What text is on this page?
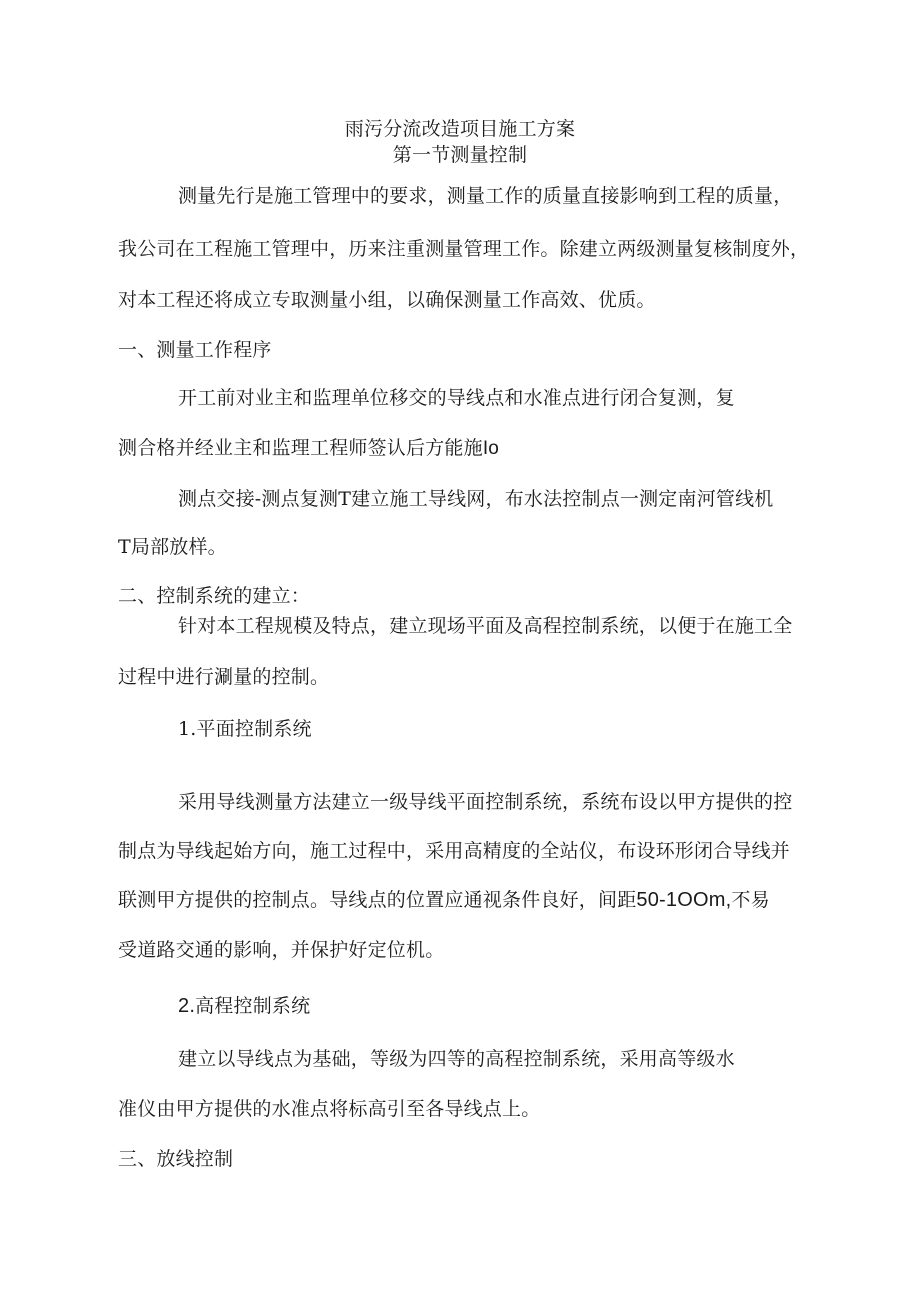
雨污分流改造项目施工方案
第一节测量控制
测量先行是施工管理中的要求，测量工作的质量直接影响到工程的质量，
我公司在工程施工管理中，历来注重测量管理工作。除建立两级测量复核制度外，
对本工程还将成立专取测量小组，以确保测量工作高效、优质。
一、测量工作程序
开工前对业主和监理单位移交的导线点和水准点进行闭合复测，复
测合格并经业主和监理工程师签认后方能施Io
测点交接-测点复测T建立施工导线网，布水法控制点一测定南河管线机
T局部放样。
二、控制系统的建立：
针对本工程规模及特点，建立现场平面及高程控制系统，以便于在施工全
过程中进行涮量的控制。
1.平面控制系统
采用导线测量方法建立一级导线平面控制系统，系统布设以甲方提供的控
制点为导线起始方向，施工过程中，采用高精度的全站仪，布设环形闭合导线并
联测甲方提供的控制点。导线点的位置应通视条件良好，间距50-1OOm,不易
受道路交通的影响，并保护好定位机。
2.高程控制系统
建立以导线点为基础，等级为四等的高程控制系统，采用高等级水
准仪由甲方提供的水准点将标高引至各导线点上。
三、放线控制
